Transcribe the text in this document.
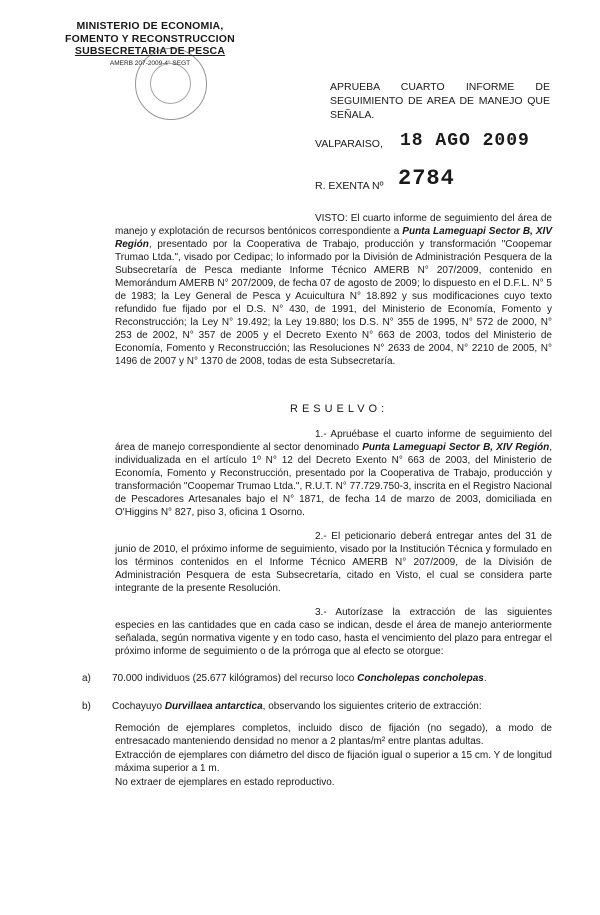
MINISTERIO DE ECONOMIA,
FOMENTO Y RECONSTRUCCION
SUBSECRETARIA DE PESCA
AMERB 207-2009-4° SEGT
APRUEBA CUARTO INFORME DE
SEGUIMIENTO DE AREA DE MANEJO QUE
SEÑALA.
VALPARAISO, 18 AGO 2009
R. EXENTA Nº 2784

VISTO: El cuarto informe de seguimiento del área de manejo y explotación de recursos bentónicos correspondiente a Punta Lameguapi Sector B, XIV Región, presentado por la Cooperativa de Trabajo, producción y transformación "Coopemar Trumao Ltda.", visado por Cedipac; lo informado por la División de Administración Pesquera de la Subsecretaría de Pesca mediante Informe Técnico AMERB N° 207/2009, contenido en Memorándum AMERB N° 207/2009, de fecha 07 de agosto de 2009; lo dispuesto en el D.F.L. N° 5 de 1983; la Ley General de Pesca y Acuicultura N° 18.892 y sus modificaciones cuyo texto refundido fue fijado por el D.S. N° 430, de 1991, del Ministerio de Economía, Fomento y Reconstrucción; la Ley N° 19.492; la Ley 19.880; los D.S. N° 355 de 1995, N° 572 de 2000, N° 253 de 2002, N° 357 de 2005 y el Decreto Exento N° 663 de 2003, todos del Ministerio de Economía, Fomento y Reconstrucción; las Resoluciones N° 2633 de 2004, N° 2210 de 2005, N° 1496 de 2007 y N° 1370 de 2008, todas de esta Subsecretaría.

RESUELVO:

1.- Apruébase el cuarto informe de seguimiento del área de manejo correspondiente al sector denominado Punta Lameguapi Sector B, XIV Región, individualizada en el artículo 1º N° 12 del Decreto Exento N° 663 de 2003, del Ministerio de Economía, Fomento y Reconstrucción, presentado por la Cooperativa de Trabajo, producción y transformación "Coopemar Trumao Ltda.", R.U.T. N° 77.729.750-3, inscrita en el Registro Nacional de Pescadores Artesanales bajo el N° 1871, de fecha 14 de marzo de 2003, domiciliada en O'Higgins N° 827, piso 3, oficina 1 Osorno.

2.- El peticionario deberá entregar antes del 31 de junio de 2010, el próximo informe de seguimiento, visado por la Institución Técnica y formulado en los términos contenidos en el Informe Técnico AMERB N° 207/2009, de la División de Administración Pesquera de esta Subsecretaría, citado en Visto, el cual se considera parte integrante de la presente Resolución.

3.- Autorízase la extracción de las siguientes especies en las cantidades que en cada caso se indican, desde el área de manejo anteriormente señalada, según normativa vigente y en todo caso, hasta el vencimiento del plazo para entregar el próximo informe de seguimiento o de la prórroga que al efecto se otorgue:

a)	70.000 individuos (25.677 kilógramos) del recurso loco Concholepas concholepas.
b)	Cochayuyo Durvillaea antarctica, observando los siguientes criterio de extracción:

Remoción de ejemplares completos, incluido disco de fijación (no segado), a modo de entresacado manteniendo densidad no menor a 2 plantas/m² entre plantas adultas.

Extracción de ejemplares con diámetro del disco de fijación igual o superior a 15 cm. Y de longitud máxima superior a 1 m.

No extraer de ejemplares en estado reproductivo.
